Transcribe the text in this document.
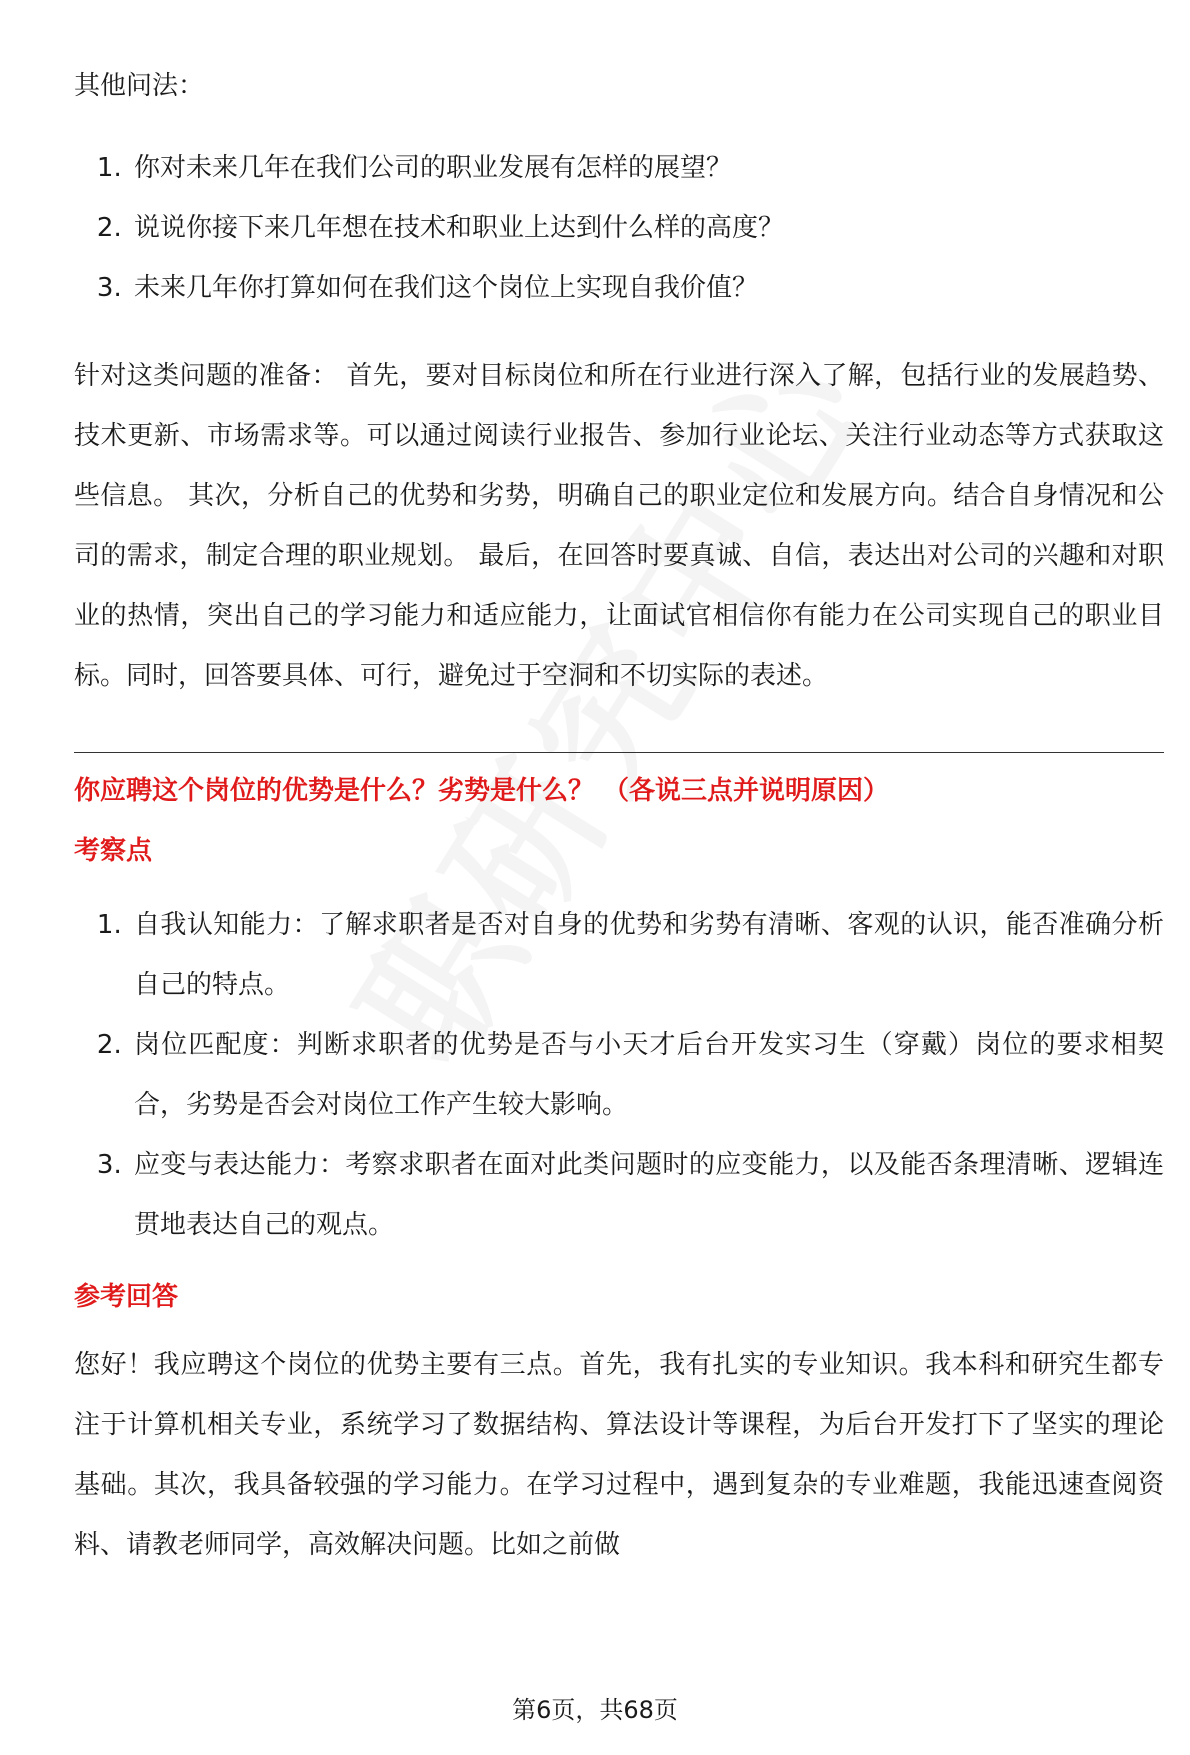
其他问法：
1. 你对未来几年在我们公司的职业发展有怎样的展望？
2. 说说你接下来几年想在技术和职业上达到什么样的高度？
3. 未来几年你打算如何在我们这个岗位上实现自我价值？

针对这类问题的准备： 首先，要对目标岗位和所在行业进行深入了解，包括行业的发展趋势、技术更新、市场需求等。可以通过阅读行业报告、参加行业论坛、关注行业动态等方式获取这些信息。 其次，分析自己的优势和劣势，明确自己的职业定位和发展方向。结合自身情况和公司的需求，制定合理的职业规划。 最后，在回答时要真诚、自信，表达出对公司的兴趣和对职业的热情，突出自己的学习能力和适应能力，让面试官相信你有能力在公司实现自己的职业目标。同时，回答要具体、可行，避免过于空洞和不切实际的表述。

你应聘这个岗位的优势是什么？劣势是什么？ （各说三点并说明原因）
考察点
1. 自我认知能力：了解求职者是否对自身的优势和劣势有清晰、客观的认识，能否准确分析自己的特点。
2. 岗位匹配度：判断求职者的优势是否与小天才后台开发实习生（穿戴）岗位的要求相契合，劣势是否会对岗位工作产生较大影响。
3. 应变与表达能力：考察求职者在面对此类问题时的应变能力，以及能否条理清晰、逻辑连贯地表达自己的观点。
参考回答

您好！我应聘这个岗位的优势主要有三点。首先，我有扎实的专业知识。我本科和研究生都专注于计算机相关专业，系统学习了数据结构、算法设计等课程，为后台开发打下了坚实的理论基础。其次，我具备较强的学习能力。在学习过程中，遇到复杂的专业难题，我能迅速查阅资料、请教老师同学，高效解决问题。比如之前做

第6页，共68页
